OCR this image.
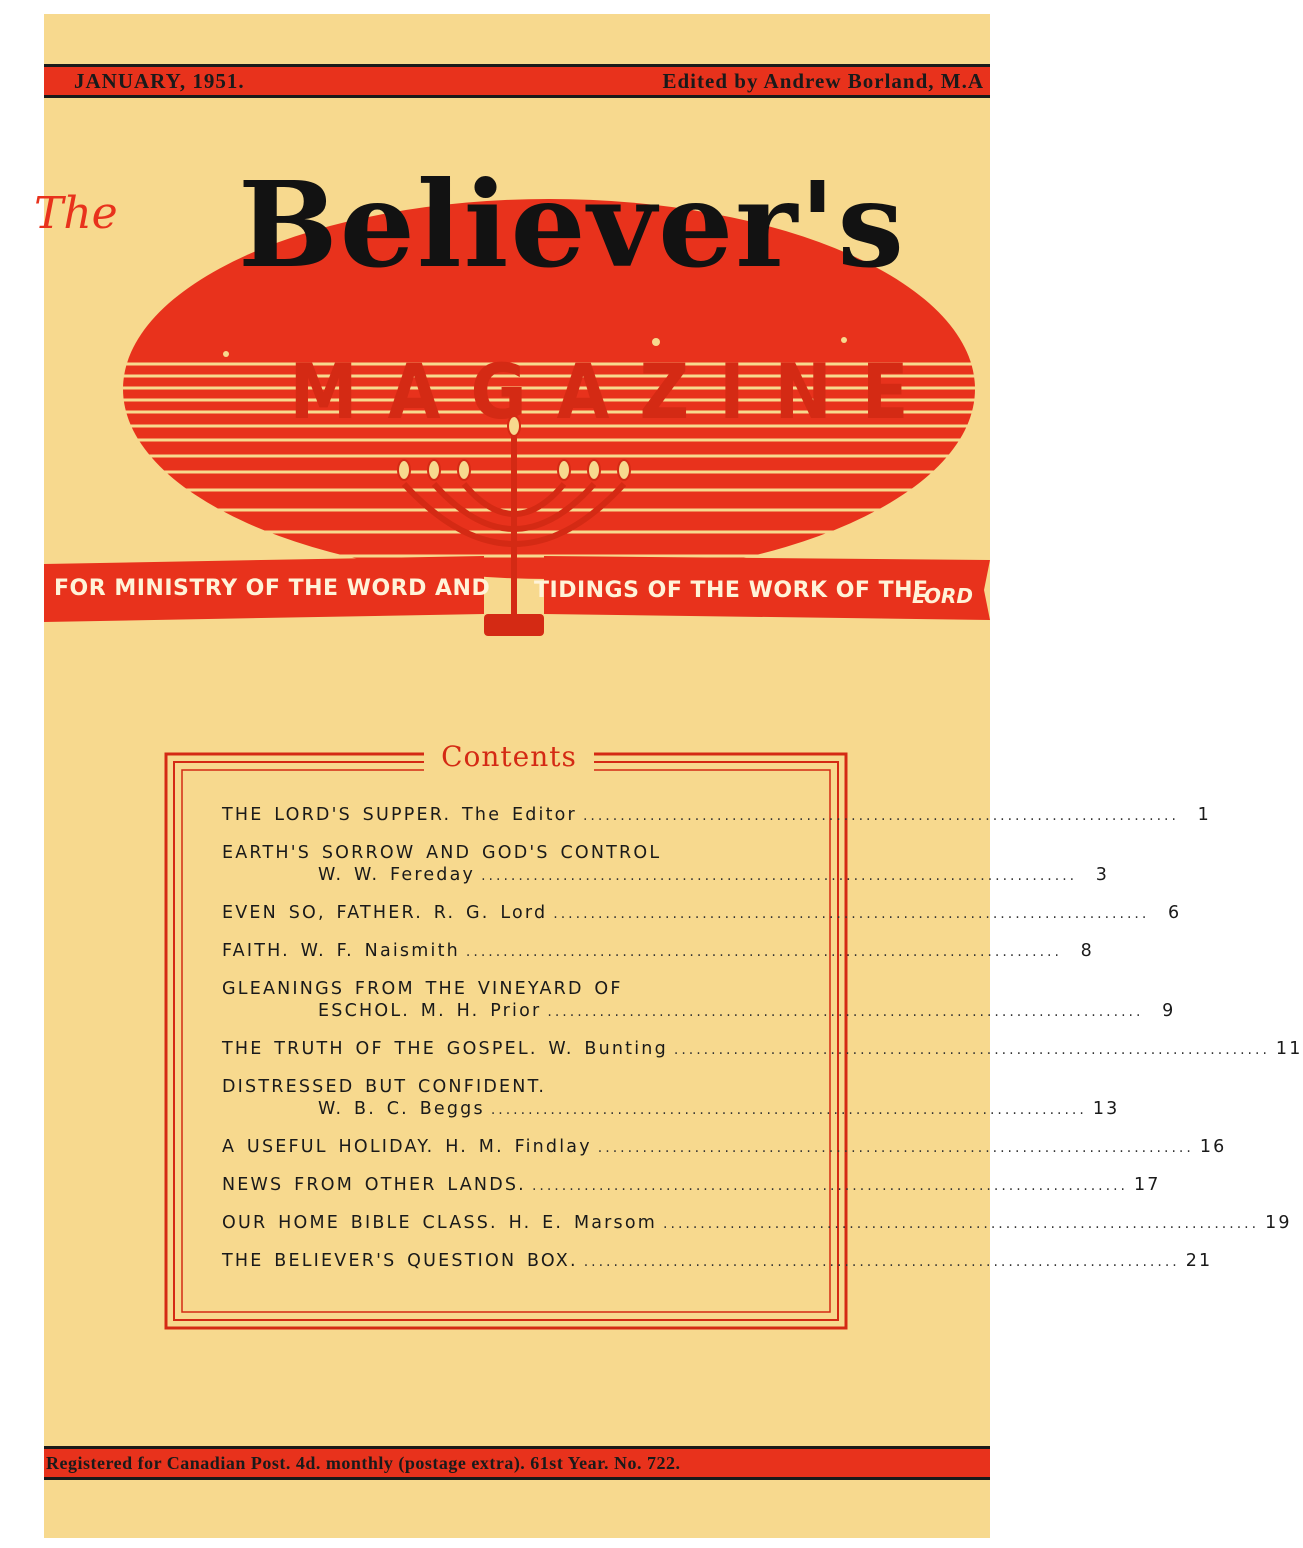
JANUARY, 1951.	Edited by Andrew Borland, M.A
The	Believer's
MAGAZINE
FOR MINISTRY OF THE WORD AND TIDINGS OF THE WORK OF THE
LORD
Contents
THE LORD'S SUPPER. The Editor ................................................................................	1
EARTH'S SORROW AND GOD'S CONTROL
W. W. Fereday ................................................................................	3
EVEN SO, FATHER. R. G. Lord ................................................................................	6
FAITH. W. F. Naismith ................................................................................	8
GLEANINGS FROM THE VINEYARD OF
ESCHOL. M. H. Prior ................................................................................	9
THE TRUTH OF THE GOSPEL. W. Bunting ................................................................................ 11
DISTRESSED BUT CONFIDENT.
W. B. C. Beggs ................................................................................ 13
A USEFUL HOLIDAY. H. M. Findlay ................................................................................ 16
NEWS FROM OTHER LANDS. ................................................................................ 17
OUR HOME BIBLE CLASS. H. E. Marsom ................................................................................ 19
THE BELIEVER'S QUESTION BOX. ................................................................................ 21
Registered for Canadian Post. 4d. monthly (postage extra). 61st Year. No. 722.
